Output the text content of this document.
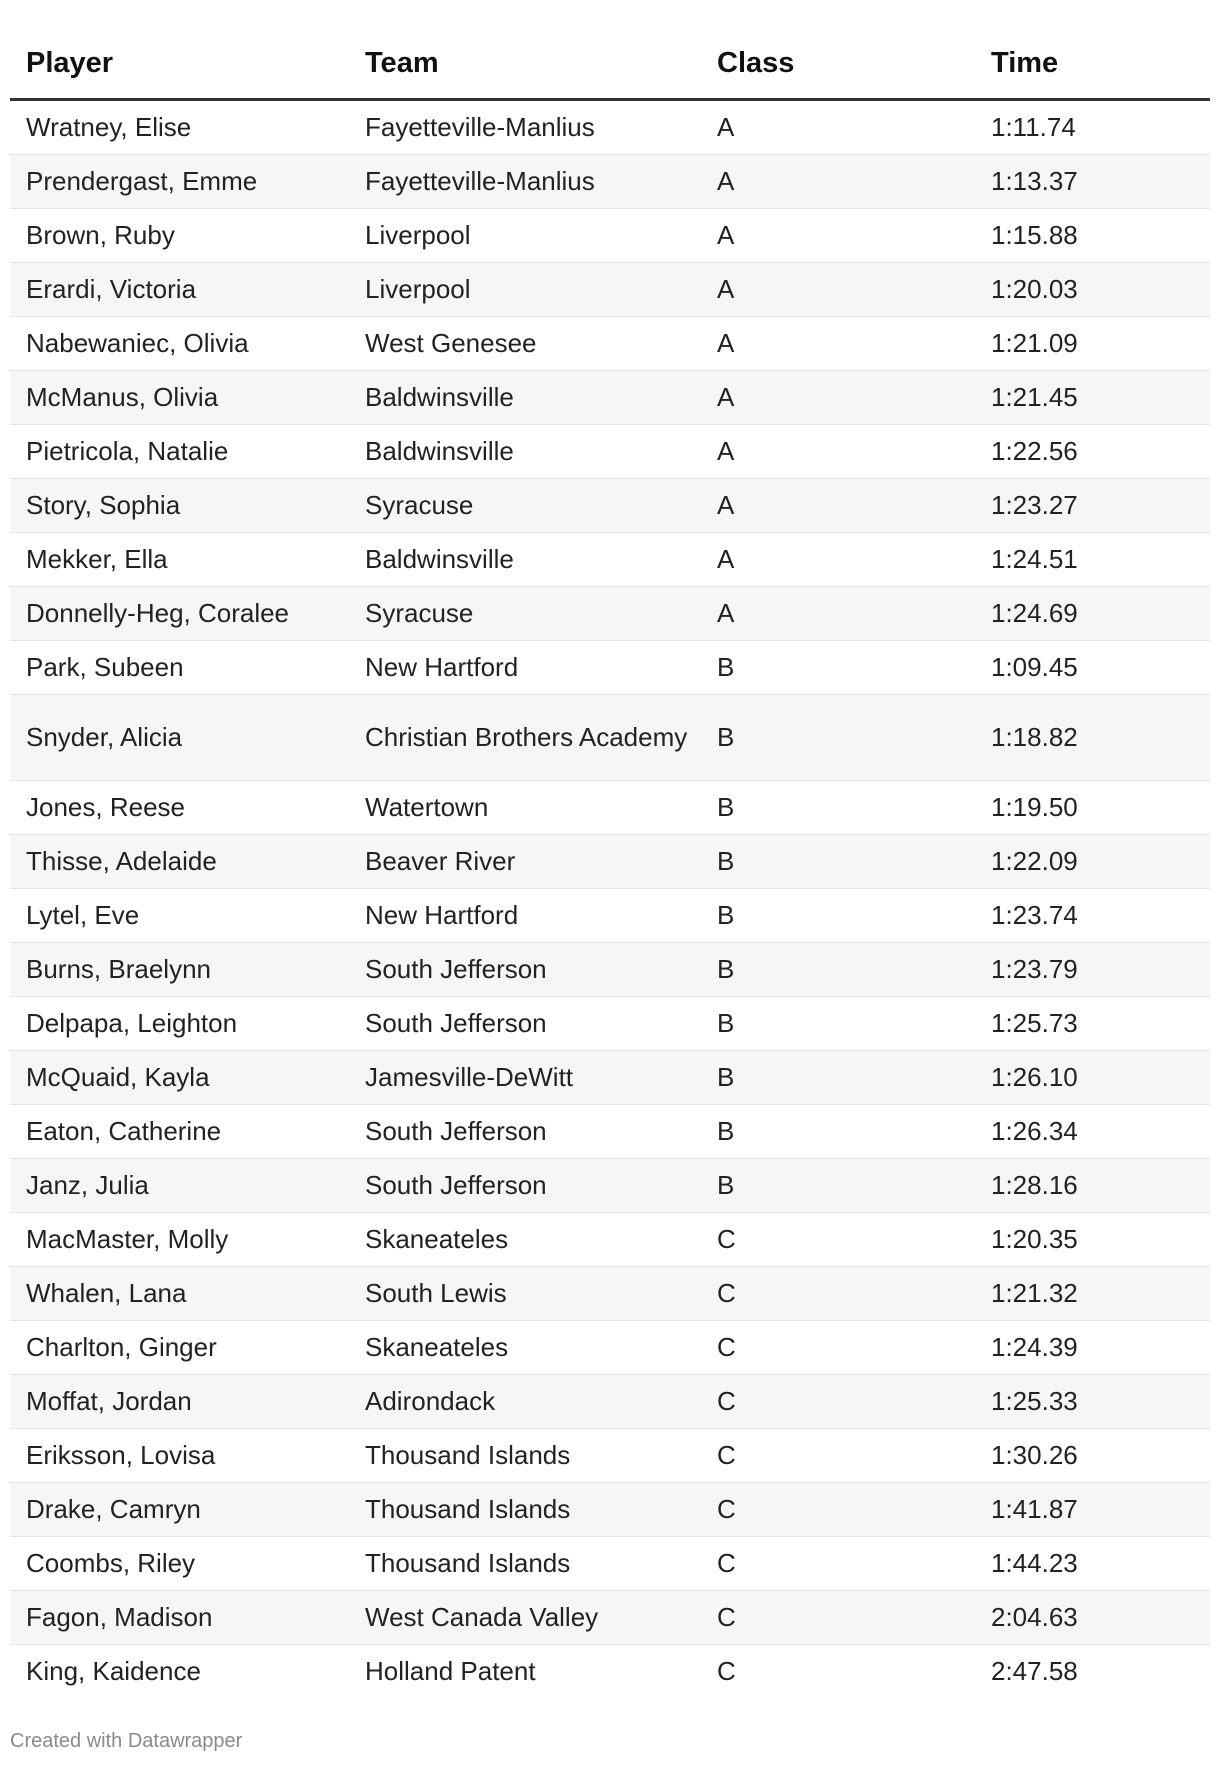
Player	Team	Class	Time
Wratney, Elise	Fayetteville-Manlius	A	1:11.74
Prendergast, Emme	Fayetteville-Manlius	A	1:13.37
Brown, Ruby	Liverpool	A	1:15.88
Erardi, Victoria	Liverpool	A	1:20.03
Nabewaniec, Olivia	West Genesee	A	1:21.09
McManus, Olivia	Baldwinsville	A	1:21.45
Pietricola, Natalie	Baldwinsville	A	1:22.56
Story, Sophia	Syracuse	A	1:23.27
Mekker, Ella	Baldwinsville	A	1:24.51
Donnelly-Heg, Coralee	Syracuse	A	1:24.69
Park, Subeen	New Hartford	B	1:09.45
Snyder, Alicia	Christian Brothers Academy	B	1:18.82
Jones, Reese	Watertown	B	1:19.50
Thisse, Adelaide	Beaver River	B	1:22.09
Lytel, Eve	New Hartford	B	1:23.74
Burns, Braelynn	South Jefferson	B	1:23.79
Delpapa, Leighton	South Jefferson	B	1:25.73
McQuaid, Kayla	Jamesville-DeWitt	B	1:26.10
Eaton, Catherine	South Jefferson	B	1:26.34
Janz, Julia	South Jefferson	B	1:28.16
MacMaster, Molly	Skaneateles	C	1:20.35
Whalen, Lana	South Lewis	C	1:21.32
Charlton, Ginger	Skaneateles	C	1:24.39
Moffat, Jordan	Adirondack	C	1:25.33
Eriksson, Lovisa	Thousand Islands	C	1:30.26
Drake, Camryn	Thousand Islands	C	1:41.87
Coombs, Riley	Thousand Islands	C	1:44.23
Fagon, Madison	West Canada Valley	C	2:04.63
King, Kaidence	Holland Patent	C	2:47.58
Created with Datawrapper
